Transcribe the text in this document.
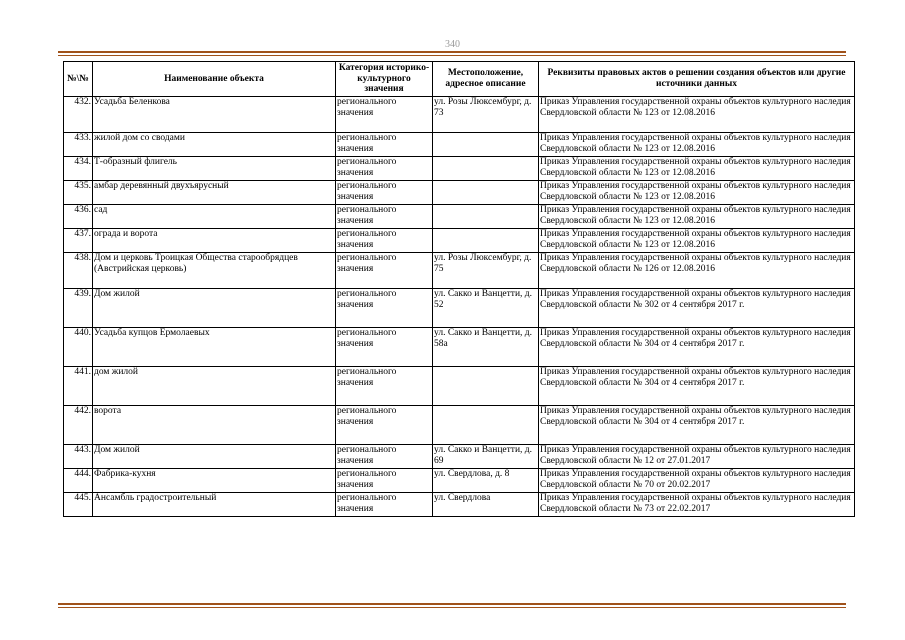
340
№\№	Наименование объекта	Категория историко-культурного значения	Местоположение, адресное описание	Реквизиты правовых актов о решении создания объектов или другие источники данных
432.	Усадьба Беленкова	регионального значения	ул. Розы Люксембург, д. 73	Приказ Управления государственной охраны объектов культурного наследия Свердловской области № 123 от 12.08.2016
433.	жилой дом со сводами	регионального значения		Приказ Управления государственной охраны объектов культурного наследия Свердловской области № 123 от 12.08.2016
434.	Т-образный флигель	регионального значения		Приказ Управления государственной охраны объектов культурного наследия Свердловской области № 123 от 12.08.2016
435.	амбар деревянный двухъярусный	регионального значения		Приказ Управления государственной охраны объектов культурного наследия Свердловской области № 123 от 12.08.2016
436.	сад	регионального значения		Приказ Управления государственной охраны объектов культурного наследия Свердловской области № 123 от 12.08.2016
437.	ограда и ворота	регионального значения		Приказ Управления государственной охраны объектов культурного наследия Свердловской области № 123 от 12.08.2016
438.	Дом и церковь Троицкая Общества старообрядцев (Австрийская церковь)	регионального значения	ул. Розы Люксембург, д. 75	Приказ Управления государственной охраны объектов культурного наследия Свердловской области № 126 от 12.08.2016
439.	Дом жилой	регионального значения	ул. Сакко и Ванцетти, д. 52	Приказ Управления государственной охраны объектов культурного наследия Свердловской области № 302 от 4 сентября 2017 г.
440.	Усадьба купцов Ермолаевых	регионального значения	ул. Сакко и Ванцетти, д. 58а	Приказ Управления государственной охраны объектов культурного наследия Свердловской области № 304 от 4 сентября 2017 г.
441.	дом жилой	регионального значения		Приказ Управления государственной охраны объектов культурного наследия Свердловской области № 304 от 4 сентября 2017 г.
442.	ворота	регионального значения		Приказ Управления государственной охраны объектов культурного наследия Свердловской области № 304 от 4 сентября 2017 г.
443.	Дом жилой	регионального значения	ул. Сакко и Ванцетти, д. 69	Приказ Управления государственной охраны объектов культурного наследия Свердловской области № 12 от 27.01.2017
444.	Фабрика-кухня	регионального значения	ул. Свердлова, д. 8	Приказ Управления государственной охраны объектов культурного наследия Свердловской области № 70 от 20.02.2017
445.	Ансамбль градостроительный	регионального значения	ул. Свердлова	Приказ Управления государственной охраны объектов культурного наследия Свердловской области № 73 от 22.02.2017
